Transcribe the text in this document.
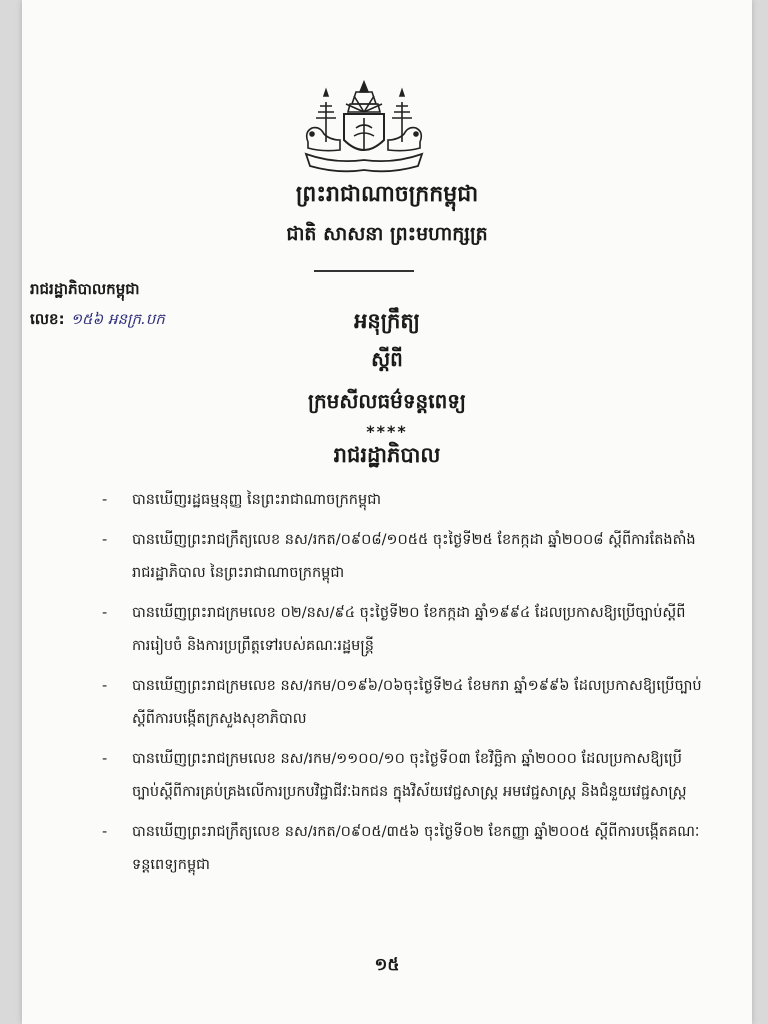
ព្រះរាជាណាចក្រកម្ពុជា
ជាតិ សាសនា ព្រះមហាក្សត្រ
រាជរដ្ឋាភិបាលកម្ពុជា
លេខ: ១៥៦ អនក្រ.បក	អនុក្រឹត្យ
ស្ដីពី
ក្រមសីលធម៌ទន្តពេទ្យ
****
រាជរដ្ឋាភិបាល
- បានឃើញរដ្ឋធម្មនុញ្ញ នៃព្រះរាជាណាចក្រកម្ពុជា
- បានឃើញព្រះរាជក្រឹត្យលេខ នស/រកត/០៩០៨/១០៥៥ ចុះថ្ងៃទី២៥ ខែកក្កដា ឆ្នាំ២០០៨ ស្ដីពីការតែងតាំងរាជរដ្ឋាភិបាល នៃព្រះរាជាណាចក្រកម្ពុជា
- បានឃើញព្រះរាជក្រមលេខ ០២/នស/៩៤ ចុះថ្ងៃទី២០ ខែកក្កដា ឆ្នាំ១៩៩៤ ដែលប្រកាសឱ្យប្រើច្បាប់ស្ដីពីការរៀបចំ និងការប្រព្រឹត្តទៅរបស់គណៈរដ្ឋមន្ត្រី
- បានឃើញព្រះរាជក្រមលេខ នស/រកម/០១៩៦/០៦ចុះថ្ងៃទី២៤ ខែមករា ឆ្នាំ១៩៩៦ ដែលប្រកាសឱ្យប្រើច្បាប់ស្ដីពីការបង្កើតក្រសួងសុខាភិបាល
- បានឃើញព្រះរាជក្រមលេខ នស/រកម/១១០០/១០ ចុះថ្ងៃទី០៣ ខែវិច្ឆិកា ឆ្នាំ២០០០ ដែលប្រកាសឱ្យប្រើច្បាប់ស្ដីពីការគ្រប់គ្រងលើការប្រកបវិជ្ជាជីវៈឯកជន ក្នុងវិស័យវេជ្ជសាស្ត្រ អមវេជ្ជសាស្ត្រ និងជំនួយវេជ្ជសាស្ត្រ
- បានឃើញព្រះរាជក្រឹត្យលេខ នស/រកត/០៩០៥/៣៥៦ ចុះថ្ងៃទី០២ ខែកញ្ញា ឆ្នាំ២០០៥ ស្ដីពីការបង្កើតគណៈទន្តពេទ្យកម្ពុជា
១៥
